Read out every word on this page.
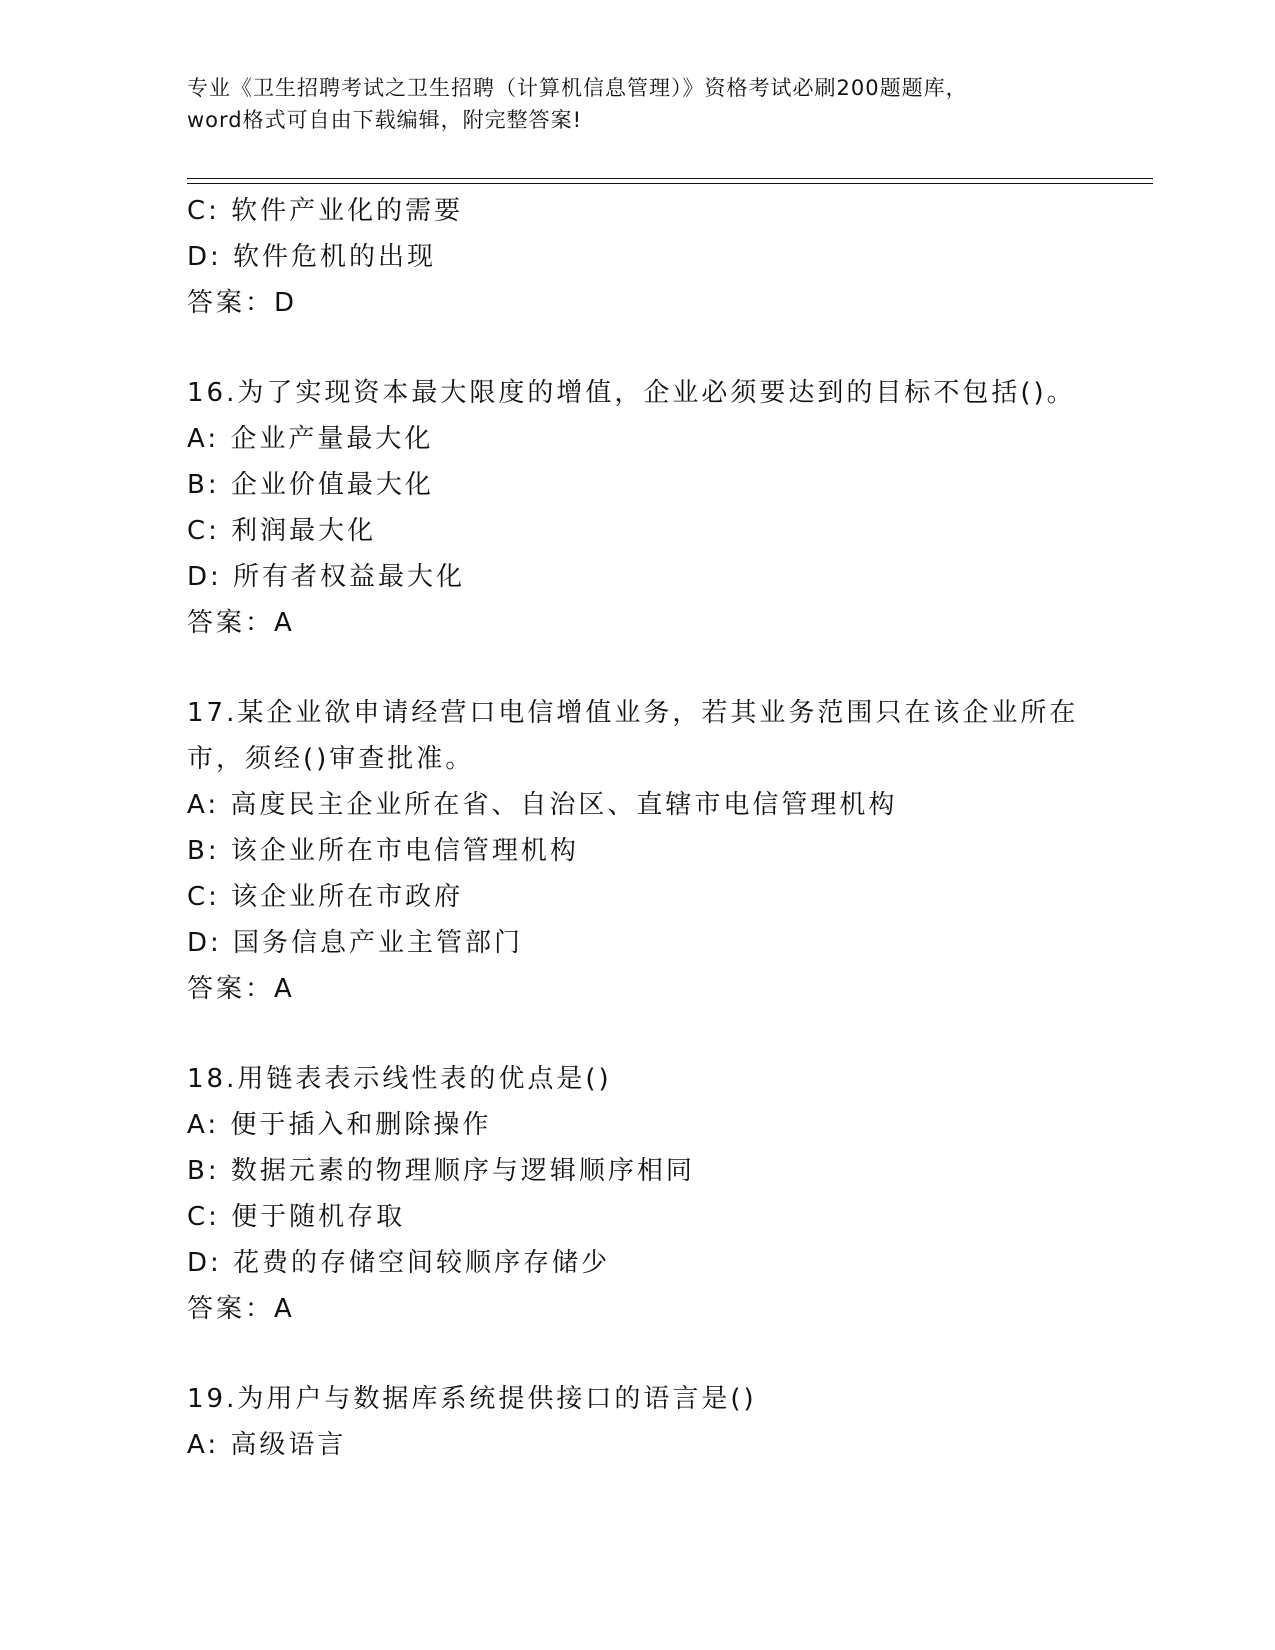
专业《卫生招聘考试之卫生招聘（计算机信息管理）》资格考试必刷200题题库，
word格式可自由下载编辑，附完整答案!
C: 软件产业化的需要
D: 软件危机的出现
答案：D
16.为了实现资本最大限度的增值，企业必须要达到的目标不包括()。
A: 企业产量最大化
B: 企业价值最大化
C: 利润最大化
D: 所有者权益最大化
答案：A
17.某企业欲申请经营口电信增值业务，若其业务范围只在该企业所在
市，须经()审查批准。
A: 高度民主企业所在省、自治区、直辖市电信管理机构
B: 该企业所在市电信管理机构
C: 该企业所在市政府
D: 国务信息产业主管部门
答案：A
18.用链表表示线性表的优点是()
A: 便于插入和删除操作
B: 数据元素的物理顺序与逻辑顺序相同
C: 便于随机存取
D: 花费的存储空间较顺序存储少
答案：A
19.为用户与数据库系统提供接口的语言是()
A: 高级语言
